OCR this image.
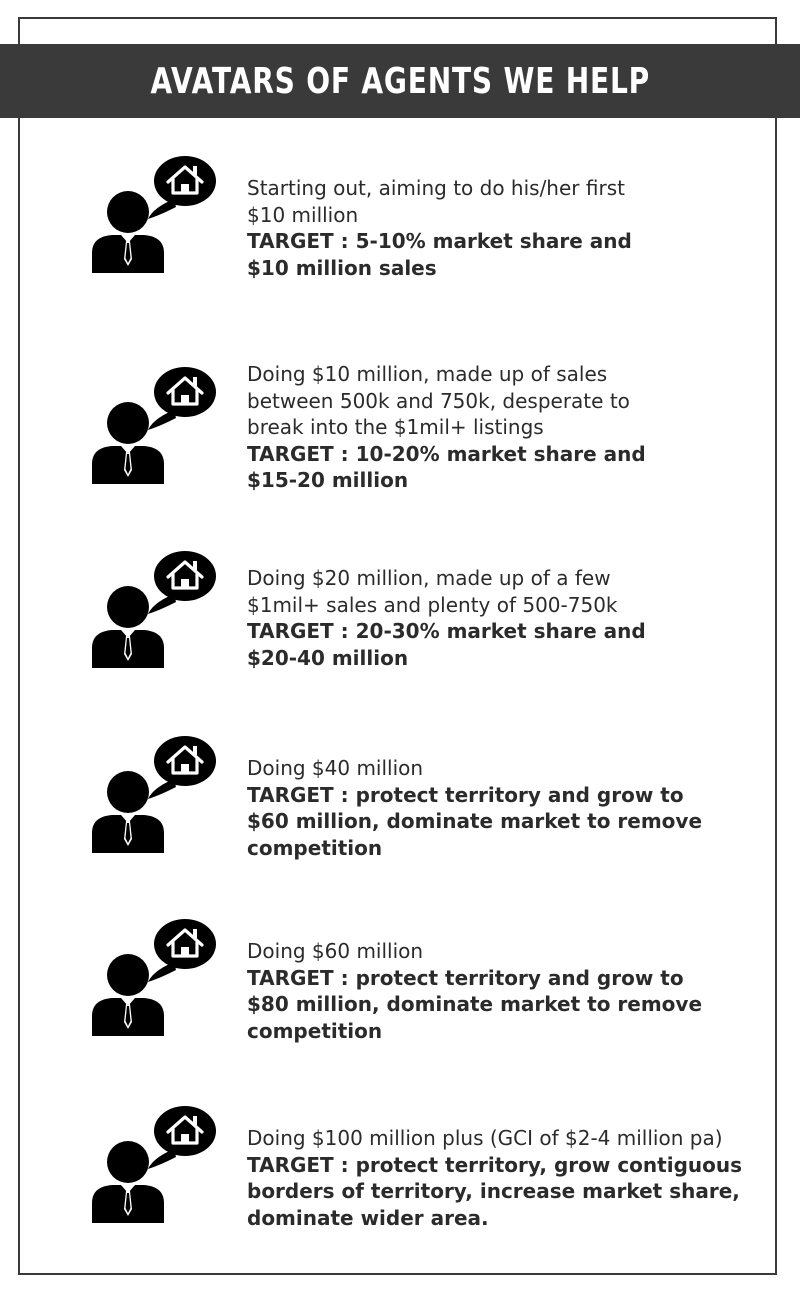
AVATARS OF AGENTS WE HELP
Starting out, aiming to do his/her first
$10 million
TARGET : 5-10% market share and
$10 million sales
Doing $10 million, made up of sales
between 500k and 750k, desperate to
break into the $1mil+ listings
TARGET : 10-20% market share and
$15-20 million
Doing $20 million, made up of a few
$1mil+ sales and plenty of 500-750k
TARGET : 20-30% market share and
$20-40 million
Doing $40 million
TARGET : protect territory and grow to
$60 million, dominate market to remove
competition
Doing $60 million
TARGET : protect territory and grow to
$80 million, dominate market to remove
competition
Doing $100 million plus (GCI of $2-4 million pa)
TARGET : protect territory, grow contiguous
borders of territory, increase market share,
dominate wider area.
